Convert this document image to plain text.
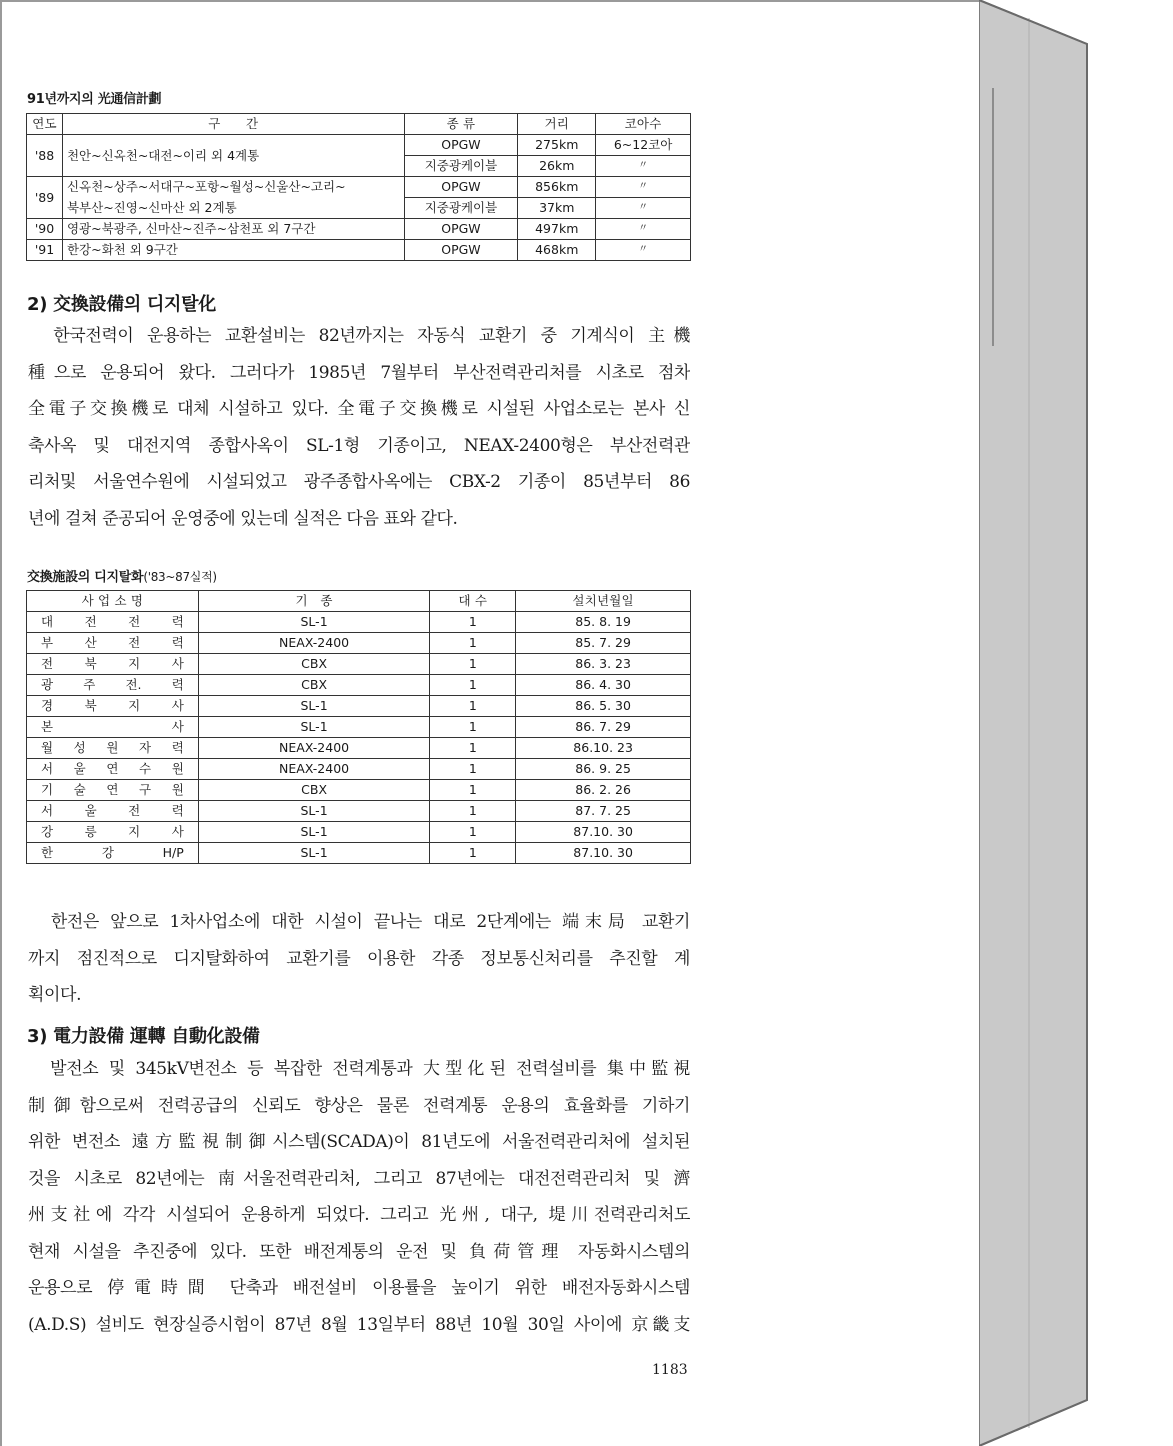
91년까지의 光通信計劃
연도	구　　간	종 류	거리	코아수
'88	천안~신옥천~대전~이리 외 4계통	OPGW	275km	6~12코아
		지중광케이블	26km	〃
'89	신옥천~상주~서대구~포항~월성~신울산~고리~	OPGW	856km	〃
	북부산~진영~신마산 외 2계통	지중광케이블	37km	〃
'90	영광~북광주, 신마산~진주~삼천포 외 7구간	OPGW	497km	〃
'91	한강~화천 외 9구간	OPGW	468km	〃
2) 交換設備의 디지탈化
　한국전력이 운용하는 교환설비는 82년까지는 자동식 교환기 중 기계식이 主機
種으로 운용되어 왔다. 그러다가 1985년 7월부터 부산전력관리처를 시초로 점차
全電子交換機로 대체 시설하고 있다. 全電子交換機로 시설된 사업소로는 본사 신
축사옥 및 대전지역 종합사옥이 SL-1형 기종이고, NEAX-2400형은 부산전력관
리처및 서울연수원에 시설되었고 광주종합사옥에는 CBX-2 기종이 85년부터 86
년에 걸쳐 준공되어 운영중에 있는데 실적은 다음 표와 같다.
交換施設의 디지탈화('83~87실적)
사 업 소 명	기　종	대 수	설치년월일

대 전 전 력	SL-1	1	85. 8. 19

부 산 전 력	NEAX-2400	1	85. 7. 29

전 북 지 사	CBX	1	86. 3. 23

광 주 전. 력	CBX	1	86. 4. 30

경 북 지 사	SL-1	1	86. 5. 30

본 사	SL-1	1	86. 7. 29

월 성 원 자 력	NEAX-2400	1	86.10. 23

서 울 연 수 원	NEAX-2400	1	86. 9. 25

기 술 연 구 원	CBX	1	86. 2. 26

서 울 전 력	SL-1	1	87. 7. 25

강 릉 지 사	SL-1	1	87.10. 30

한 강 H/P	SL-1	1	87.10. 30
　한전은 앞으로 1차사업소에 대한 시설이 끝나는 대로 2단계에는 端末局 교환기
까지 점진적으로 디지탈화하여 교환기를 이용한 각종 정보통신처리를 추진할 계
획이다.
3) 電力設備 運轉 自動化設備
　발전소 및 345kV변전소 등 복잡한 전력계통과 大型化된 전력설비를 集中監視
制御함으로써 전력공급의 신뢰도 향상은 물론 전력계통 운용의 효율화를 기하기
위한 변전소 遠方監視制御시스템(SCADA)이 81년도에 서울전력관리처에 설치된
것을 시초로 82년에는 南서울전력관리처, 그리고 87년에는 대전전력관리처 및 濟
州支社에 각각 시설되어 운용하게 되었다. 그리고 光州, 대구, 堤川전력관리처도
현재 시설을 추진중에 있다. 또한 배전계통의 운전 및 負荷管理 자동화시스템의
운용으로 停電時間 단축과 배전설비 이용률을 높이기 위한 배전자동화시스템
(A.D.S) 설비도 현장실증시험이 87년 8월 13일부터 88년 10월 30일 사이에 京畿支
1183
